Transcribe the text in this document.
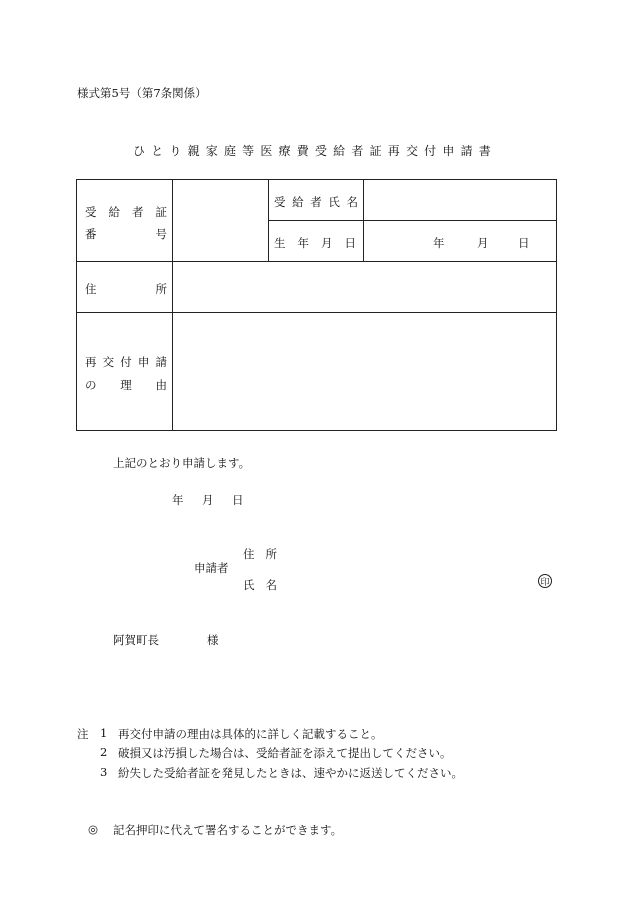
様式第5号（第7条関係）
ひとり親家庭等医療費受給者証再交付申請書
受 給 者 証
番	号
受 給 者 氏 名
生 年 月 日	年	月	日
住	所
再 交 付 申 請
の 理 由
上記のとおり申請します。
年 月 日
申請者
住 所
氏 名	印
阿賀町長	様
注 1 再交付申請の理由は具体的に詳しく記載すること。
2 破損又は汚損した場合は、受給者証を添えて提出してください。
3 紛失した受給者証を発見したときは、速やかに返送してください。
◎ 記名押印に代えて署名することができます。
